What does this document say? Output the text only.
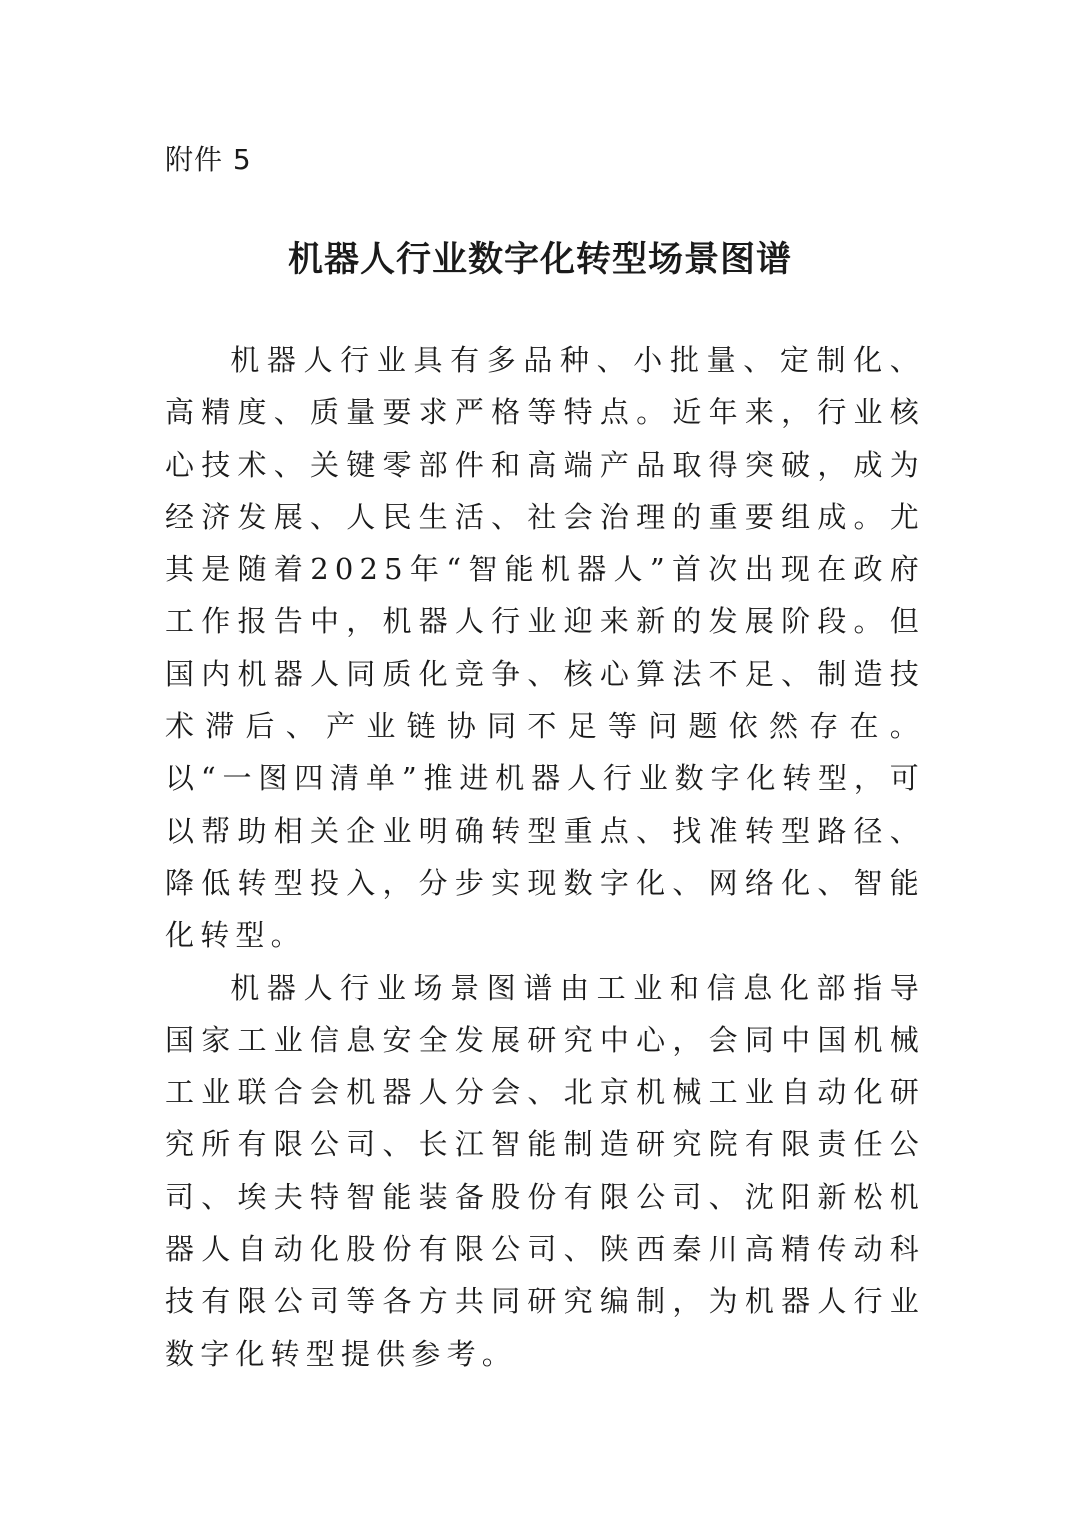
附件 5
机器人行业数字化转型场景图谱

机器人行业具有多品种、小批量、定制化、高精度、质量要求严格等特点。近年来，行业核心技术、关键零部件和高端产品取得突破，成为经济发展、人民生活、社会治理的重要组成。尤其是随着2025年“智能机器人”首次出现在政府工作报告中，机器人行业迎来新的发展阶段。但国内机器人同质化竞争、核心算法不足、制造技术滞后、产业链协同不足等问题依然存在。以“一图四清单”推进机器人行业数字化转型，可以帮助相关企业明确转型重点、找准转型路径、降低转型投入，分步实现数字化、网络化、智能化转型。

机器人行业场景图谱由工业和信息化部指导国家工业信息安全发展研究中心，会同中国机械工业联合会机器人分会、北京机械工业自动化研究所有限公司、长江智能制造研究院有限责任公司、埃夫特智能装备股份有限公司、沈阳新松机器人自动化股份有限公司、陕西秦川高精传动科技有限公司等各方共同研究编制，为机器人行业数字化转型提供参考。
